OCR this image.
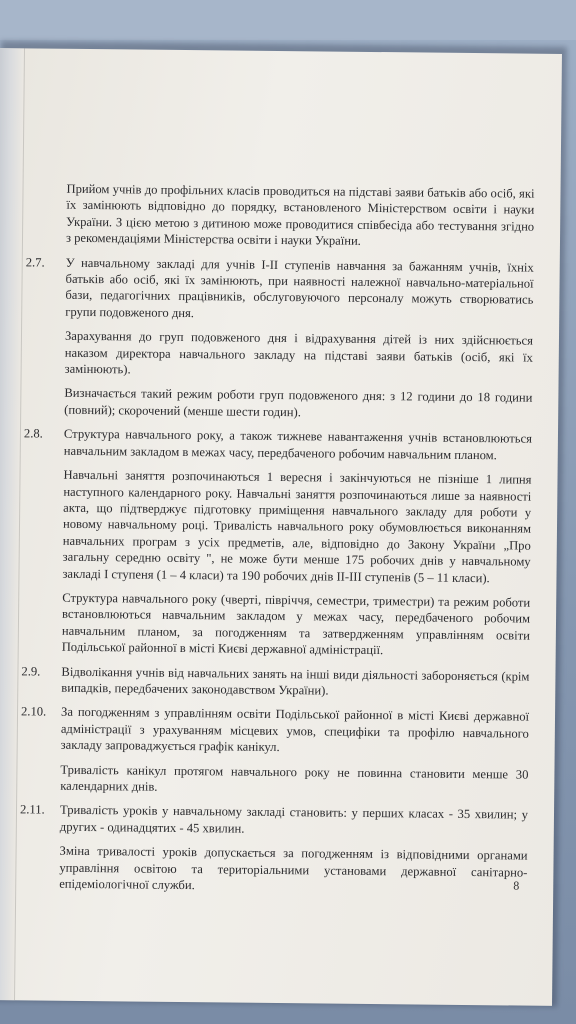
Прийом учнів до профільних класів проводиться на підставі заяви батьків або осіб, які їх замінюють відповідно до порядку, встановленого Міністерством освіти і науки України. З цією метою з дитиною може проводитися співбесіда або тестування згідно з рекомендаціями Міністерства освіти і науки України.

2.7.	У навчальному закладі для учнів І-ІІ ступенів навчання за бажанням учнів, їхніх батьків або осіб, які їх замінюють, при наявності належної навчально-матеріальної бази, педагогічних працівників, обслуговуючого персоналу можуть створюватись групи подовженого дня.

Зарахування до груп подовженого дня і відрахування дітей із них здійснюється наказом директора навчального закладу на підставі заяви батьків (осіб, які їх замінюють).

Визначається такий режим роботи груп подовженого дня: з 12 години до 18 години (повний); скорочений (менше шести годин).

2.8.	Структура навчального року, а також тижневе навантаження учнів встановлюються навчальним закладом в межах часу, передбаченого робочим навчальним планом.

Навчальні заняття розпочинаються 1 вересня і закінчуються не пізніше 1 липня наступного календарного року. Навчальні заняття розпочинаються лише за наявності акта, що підтверджує підготовку приміщення навчального закладу для роботи у новому навчальному році. Тривалість навчального року обумовлюється виконанням навчальних програм з усіх предметів, але, відповідно до Закону України „Про загальну середню освіту ", не може бути менше 175 робочих днів у навчальному закладі І ступеня (1 – 4 класи) та 190 робочих днів ІІ-ІІІ ступенів (5 – 11 класи).

Структура навчального року (чверті, півріччя, семестри, триместри) та режим роботи встановлюються навчальним закладом у межах часу, передбаченого робочим навчальним планом, за погодженням та затвердженням управлінням освіти Подільської районної в місті Києві державної адміністрації.

2.9.	Відволікання учнів від навчальних занять на інші види діяльності забороняється (крім випадків, передбачених законодавством України).

2.10.	За погодженням з управлінням освіти Подільської районної в місті Києві державної адміністрації з урахуванням місцевих умов, специфіки та профілю навчального закладу запроваджується графік канікул.

Тривалість канікул протягом навчального року не повинна становити менше 30 календарних днів.

2.11.	Тривалість уроків у навчальному закладі становить: у перших класах - 35 хвилин; у других - одинадцятих - 45 хвилин.

Зміна тривалості уроків допускається за погодженням із відповідними органами управління освітою та територіальними установами державної санітарно-епідеміологічної служби.	8
